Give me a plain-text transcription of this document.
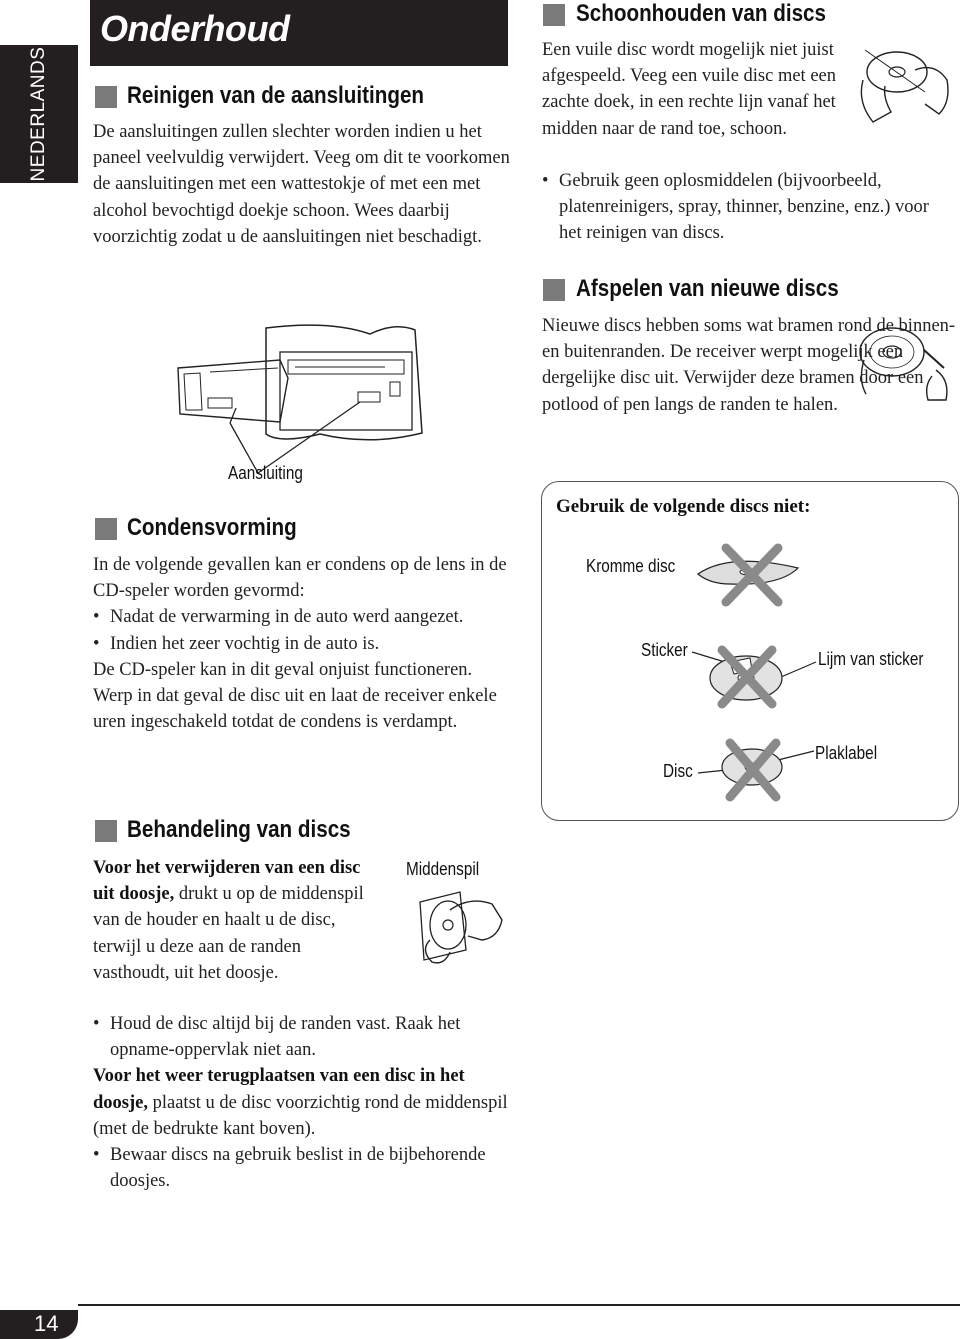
NEDERLANDS
Onderhoud
Reinigen van de aansluitingen

De aansluitingen zullen slechter worden indien u het paneel veelvuldig verwijdert. Veeg om dit te voorkomen de aansluitingen met een wattestokje of met een met alcohol bevochtigd doekje schoon. Wees daarbij voorzichtig zodat u de aansluitingen niet beschadigt.

Aansluiting
Condensvorming

In de volgende gevallen kan er condens op de lens in de CD-speler worden gevormd:

• Nadat de verwarming in de auto werd aangezet.

• Indien het zeer vochtig in de auto is.

De CD-speler kan in dit geval onjuist functioneren. Werp in dat geval de disc uit en laat de receiver enkele uren ingeschakeld totdat de condens is verdampt.

Behandeling van discs

Voor het verwijderen van een disc uit doosje, drukt u op de middenspil van de houder en haalt u de disc, terwijl u deze aan de randen vasthoudt, uit het doosje.

Middenspil

• Houd de disc altijd bij de randen vast. Raak het opname-oppervlak niet aan.

Voor het weer terugplaatsen van een disc in het doosje, plaatst u de disc voorzichtig rond de middenspil (met de bedrukte kant boven).

• Bewaar discs na gebruik beslist in de bijbehorende doosjes.

Schoonhouden van discs

Een vuile disc wordt mogelijk niet juist afgespeeld. Veeg een vuile disc met een zachte doek, in een rechte lijn vanaf het midden naar de rand toe, schoon.

• Gebruik geen oplosmiddelen (bijvoorbeeld, platenreinigers, spray, thinner, benzine, enz.) voor het reinigen van discs.

Afspelen van nieuwe discs

Nieuwe discs hebben soms wat bramen rond de binnen- en buitenranden. De receiver werpt mogelijk een dergelijke disc uit. Verwijder deze bramen door een potlood of pen langs de randen te halen.

Gebruik de volgende discs niet:
Kromme disc
Sticker	Lijm van sticker
Disc
Plaklabel
14
